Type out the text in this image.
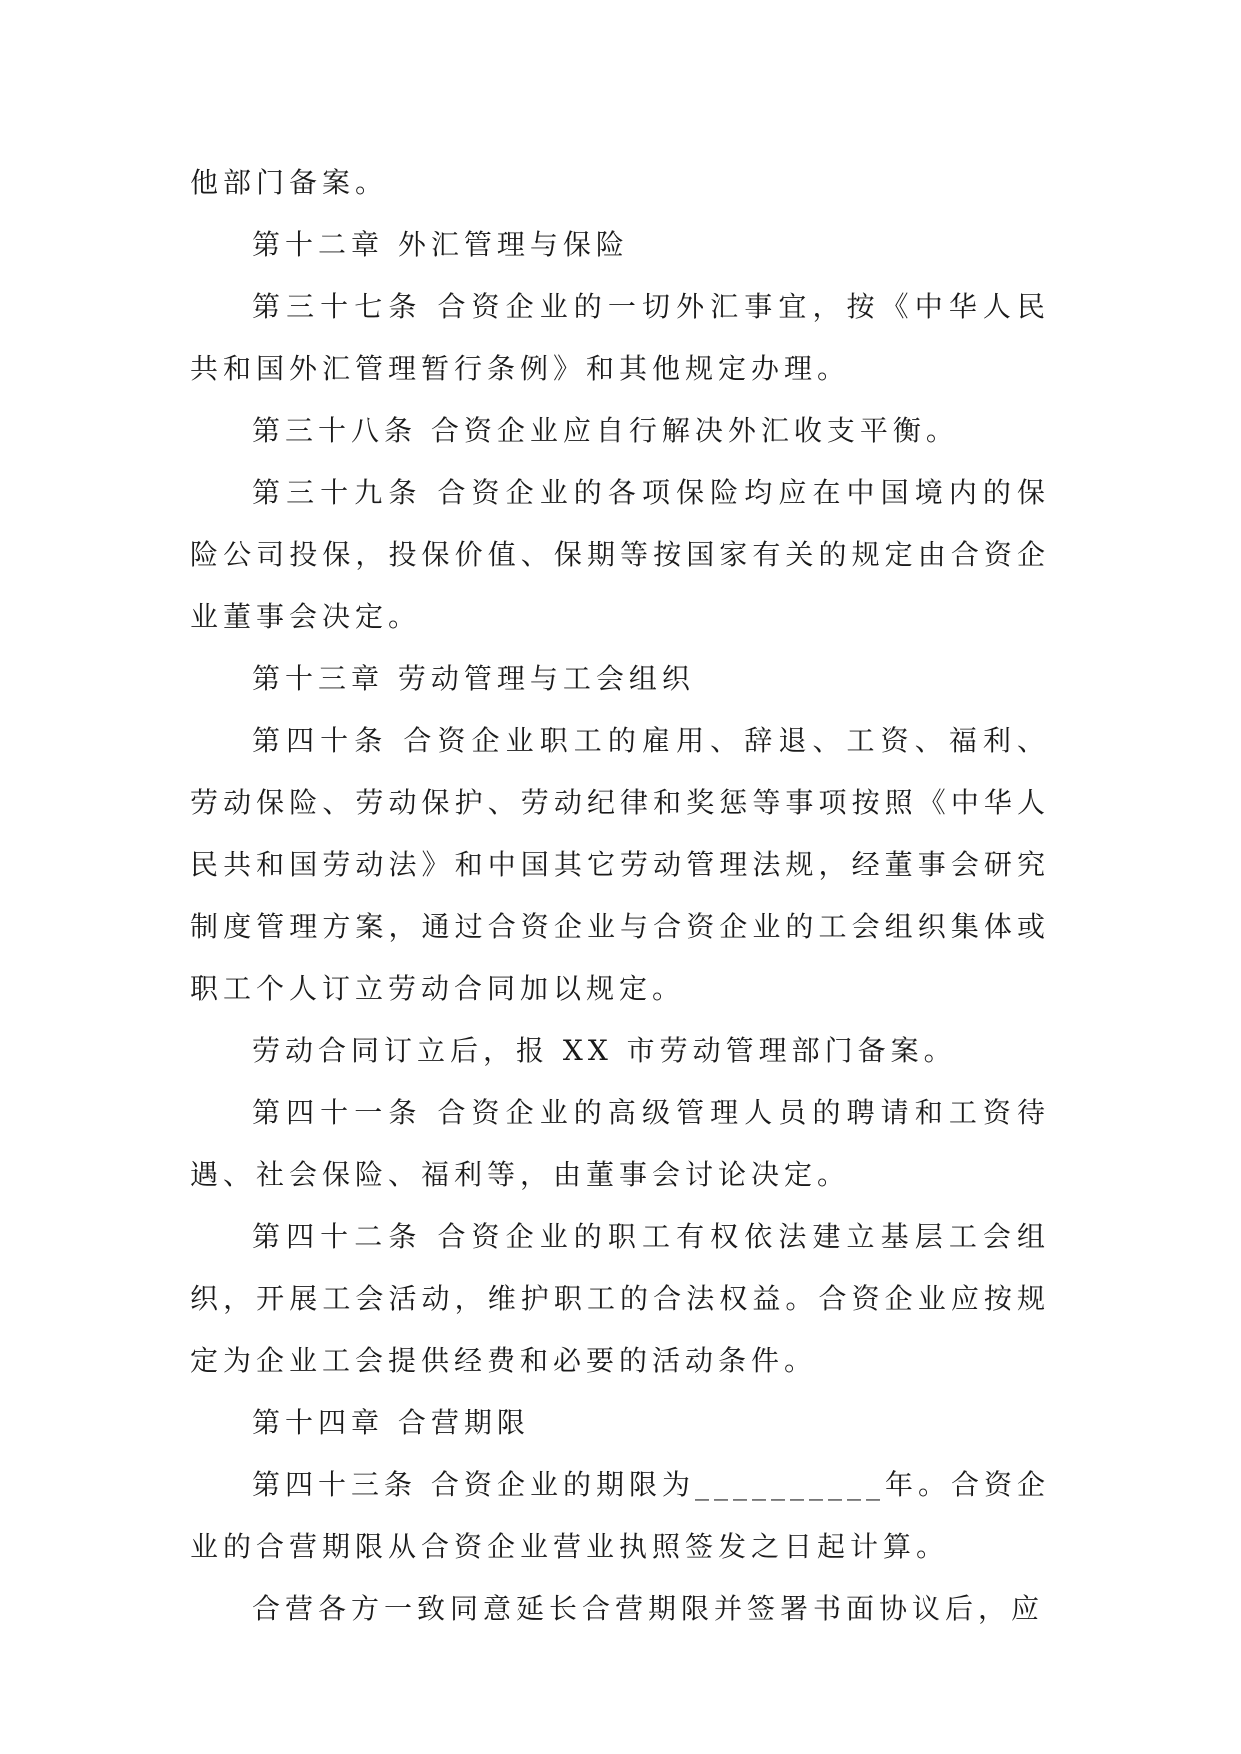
他部门备案。

第十二章 外汇管理与保险

第三十七条 合资企业的一切外汇事宜，按《中华人民共和国外汇管理暂行条例》和其他规定办理。

第三十八条 合资企业应自行解决外汇收支平衡。

第三十九条 合资企业的各项保险均应在中国境内的保险公司投保，投保价值、保期等按国家有关的规定由合资企业董事会决定。

第十三章 劳动管理与工会组织

第四十条 合资企业职工的雇用、辞退、工资、福利、劳动保险、劳动保护、劳动纪律和奖惩等事项按照《中华人民共和国劳动法》和中国其它劳动管理法规，经董事会研究制度管理方案，通过合资企业与合资企业的工会组织集体或职工个人订立劳动合同加以规定。

劳动合同订立后，报 XX 市劳动管理部门备案。

第四十一条 合资企业的高级管理人员的聘请和工资待遇、社会保险、福利等，由董事会讨论决定。

第四十二条 合资企业的职工有权依法建立基层工会组织，开展工会活动，维护职工的合法权益。合资企业应按规定为企业工会提供经费和必要的活动条件。

第十四章 合营期限

第四十三条 合资企业的期限为__________年。合资企业的合营期限从合资企业营业执照签发之日起计算。

合营各方一致同意延长合营期限并签署书面协议后，应
